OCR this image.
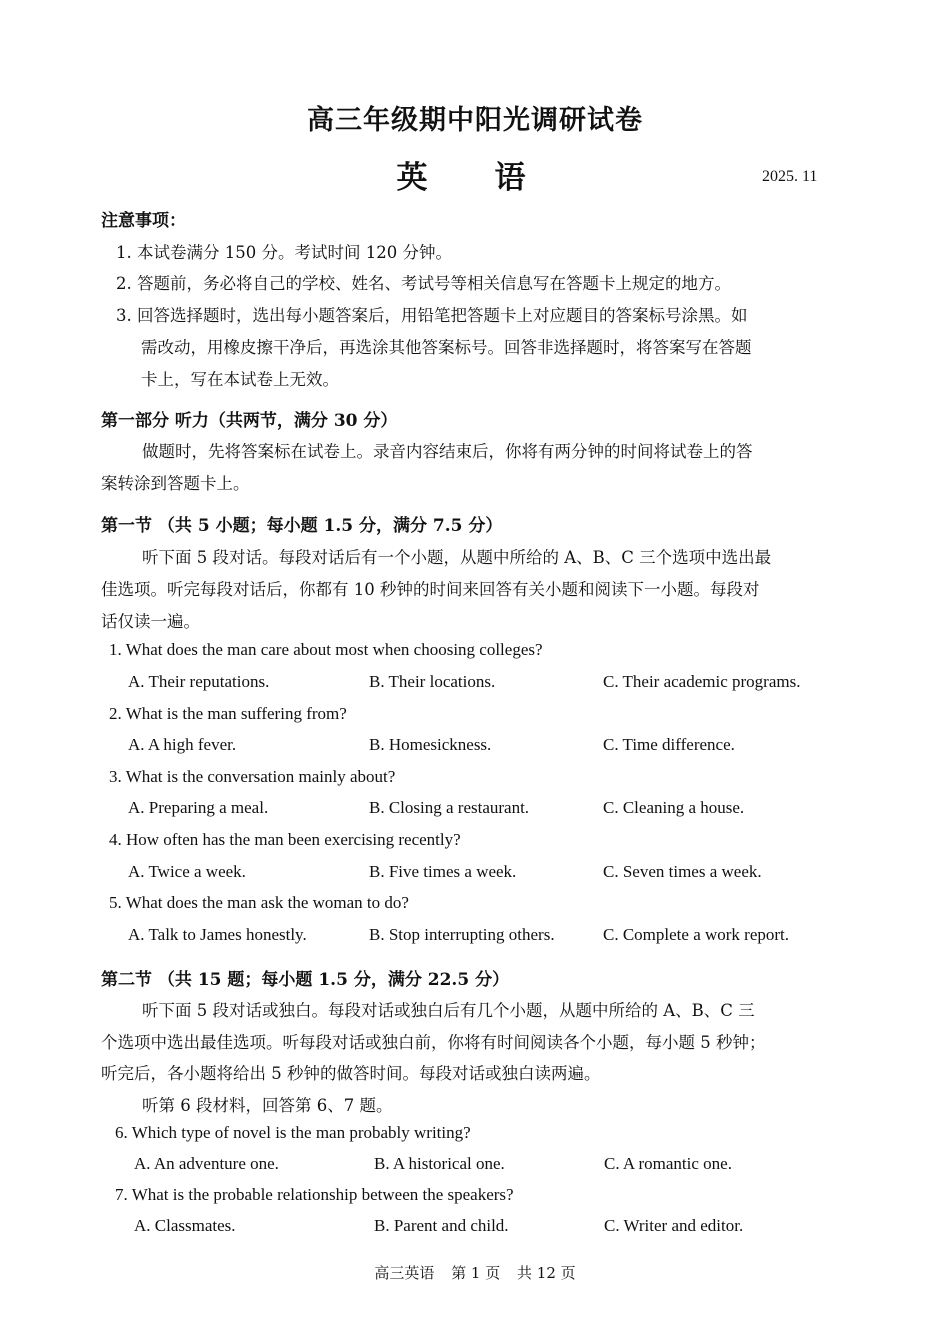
高三年级期中阳光调研试卷
英　语	2025. 11
注意事项：
1. 本试卷满分 150 分。考试时间 120 分钟。
2. 答题前，务必将自己的学校、姓名、考试号等相关信息写在答题卡上规定的地方。
3. 回答选择题时，选出每小题答案后，用铅笔把答题卡上对应题目的答案标号涂黑。如
需改动，用橡皮擦干净后，再选涂其他答案标号。回答非选择题时，将答案写在答题
卡上，写在本试卷上无效。
第一部分 听力（共两节，满分 30 分）
做题时，先将答案标在试卷上。录音内容结束后，你将有两分钟的时间将试卷上的答
案转涂到答题卡上。
第一节 （共 5 小题；每小题 1.5 分，满分 7.5 分）
听下面 5 段对话。每段对话后有一个小题，从题中所给的 A、B、C 三个选项中选出最
佳选项。听完每段对话后，你都有 10 秒钟的时间来回答有关小题和阅读下一小题。每段对
话仅读一遍。
1. What does the man care about most when choosing colleges?
A. Their reputations.	B. Their locations.	C. Their academic programs.
2. What is the man suffering from?
A. A high fever.	B. Homesickness.	C. Time difference.
3. What is the conversation mainly about?
A. Preparing a meal.	B. Closing a restaurant.	C. Cleaning a house.
4. How often has the man been exercising recently?
A. Twice a week.	B. Five times a week.	C. Seven times a week.
5. What does the man ask the woman to do?
A. Talk to James honestly.	B. Stop interrupting others.	C. Complete a work report.
第二节 （共 15 题；每小题 1.5 分，满分 22.5 分）
听下面 5 段对话或独白。每段对话或独白后有几个小题，从题中所给的 A、B、C 三
个选项中选出最佳选项。听每段对话或独白前，你将有时间阅读各个小题，每小题 5 秒钟；
听完后，各小题将给出 5 秒钟的做答时间。每段对话或独白读两遍。
听第 6 段材料，回答第 6、7 题。
6. Which type of novel is the man probably writing?
A. An adventure one.	B. A historical one.	C. A romantic one.
7. What is the probable relationship between the speakers?
A. Classmates.	B. Parent and child.	C. Writer and editor.
高三英语 第 1 页 共 12 页
